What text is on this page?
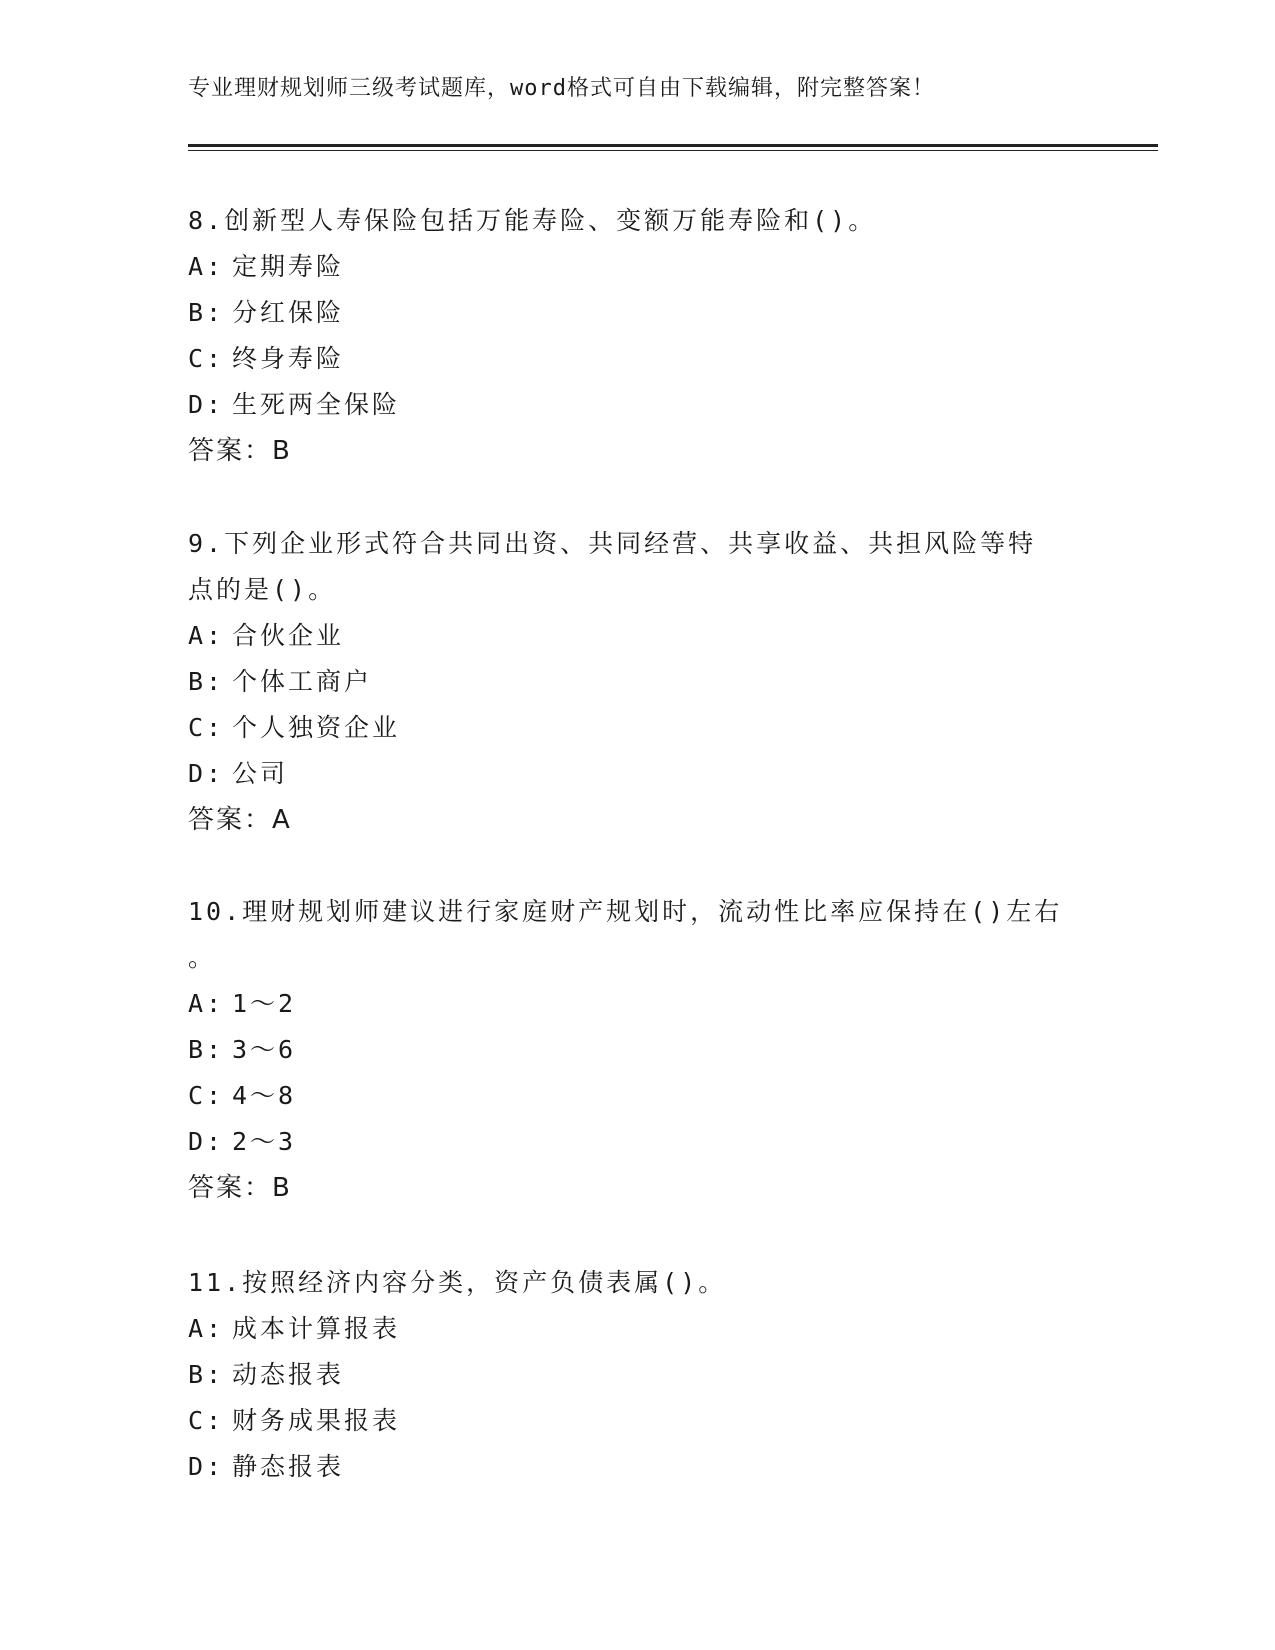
专业理财规划师三级考试题库，word格式可自由下载编辑，附完整答案！

8.创新型人寿保险包括万能寿险、变额万能寿险和()。

A: 定期寿险

B: 分红保险

C: 终身寿险

D: 生死两全保险

答案：B

9.下列企业形式符合共同出资、共同经营、共享收益、共担风险等特

点的是()。

A: 合伙企业

B: 个体工商户

C: 个人独资企业

D: 公司

答案：A

10.理财规划师建议进行家庭财产规划时，流动性比率应保持在()左右

。

A: 1～2

B: 3～6

C: 4～8

D: 2～3

答案：B

11.按照经济内容分类，资产负债表属()。

A: 成本计算报表

B: 动态报表

C: 财务成果报表

D: 静态报表
